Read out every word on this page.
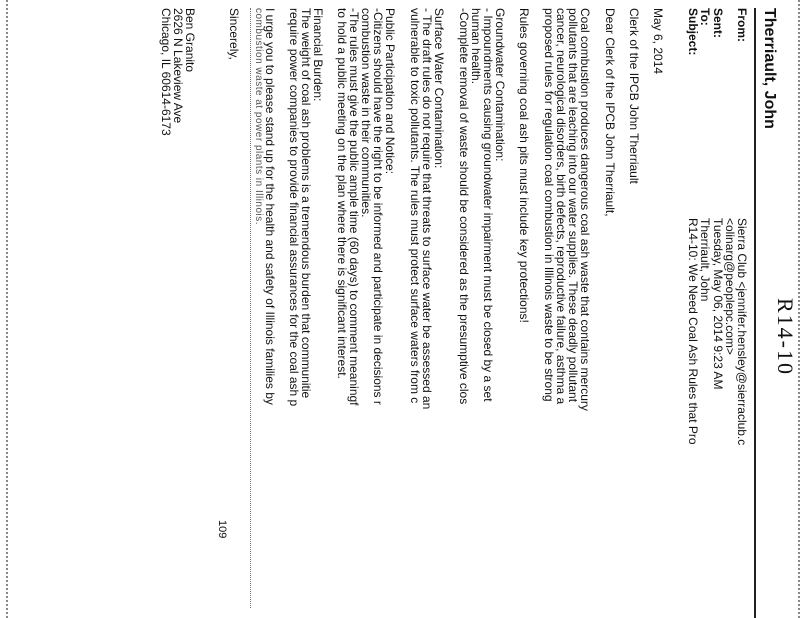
R14-10
Therriault, John
From:
Sierra Club <jennifer.hensley@sierraclub.c
<olinarg@peoplepc.com>
Sent:
Tuesday, May 06, 2014 9:23 AM
To:
Therriault, John
Subject:
R14-10: We Need Coal Ash Rules that Pro
May 6, 2014
Clerk of the IPCB John Therriault
Dear Clerk of the IPCB John Therriault,
Coal combustion produces dangerous coal ash waste that contains mercury
pollutants that are leaching into our water supplies. These deadly pollutant
cancer, neurological disorders, birth defects, reproductive failure, asthma a
proposed rules for regulation coal combustion in Illinois waste to be strong
Rules governing coal ash pits must include key protections!
Groundwater Contamination:
- Impoundments causing groundwater impairment must be closed by a set
human health.
-Complete removal of waste should be considered as the presumptive clos
Surface Water Contamination:
- The draft rules do not require that threats to surface water be assessed an
vulnerable to toxic pollutants. The rules must protect surface waters from c
Public Participation and Notice:
-Citizens should have the right to be informed and participate in decisions r
combustion waste in their communities.
-The rules must give the public ample time (60 days) to comment meaningf
to hold a public meeting on the plan where there is significant interest.
Financial Burden:
The weight of coal ash problems is a tremendous burden that communitie
require power companies to provide financial assurances for the coal ash p
I urge you to please stand up for the health and safety of Illinois families by
combustion waste at power plants in Illinois.
Sincerely,
109
Ben Granito
2626 N Lakeview Ave
Chicago, IL 60614-6173
